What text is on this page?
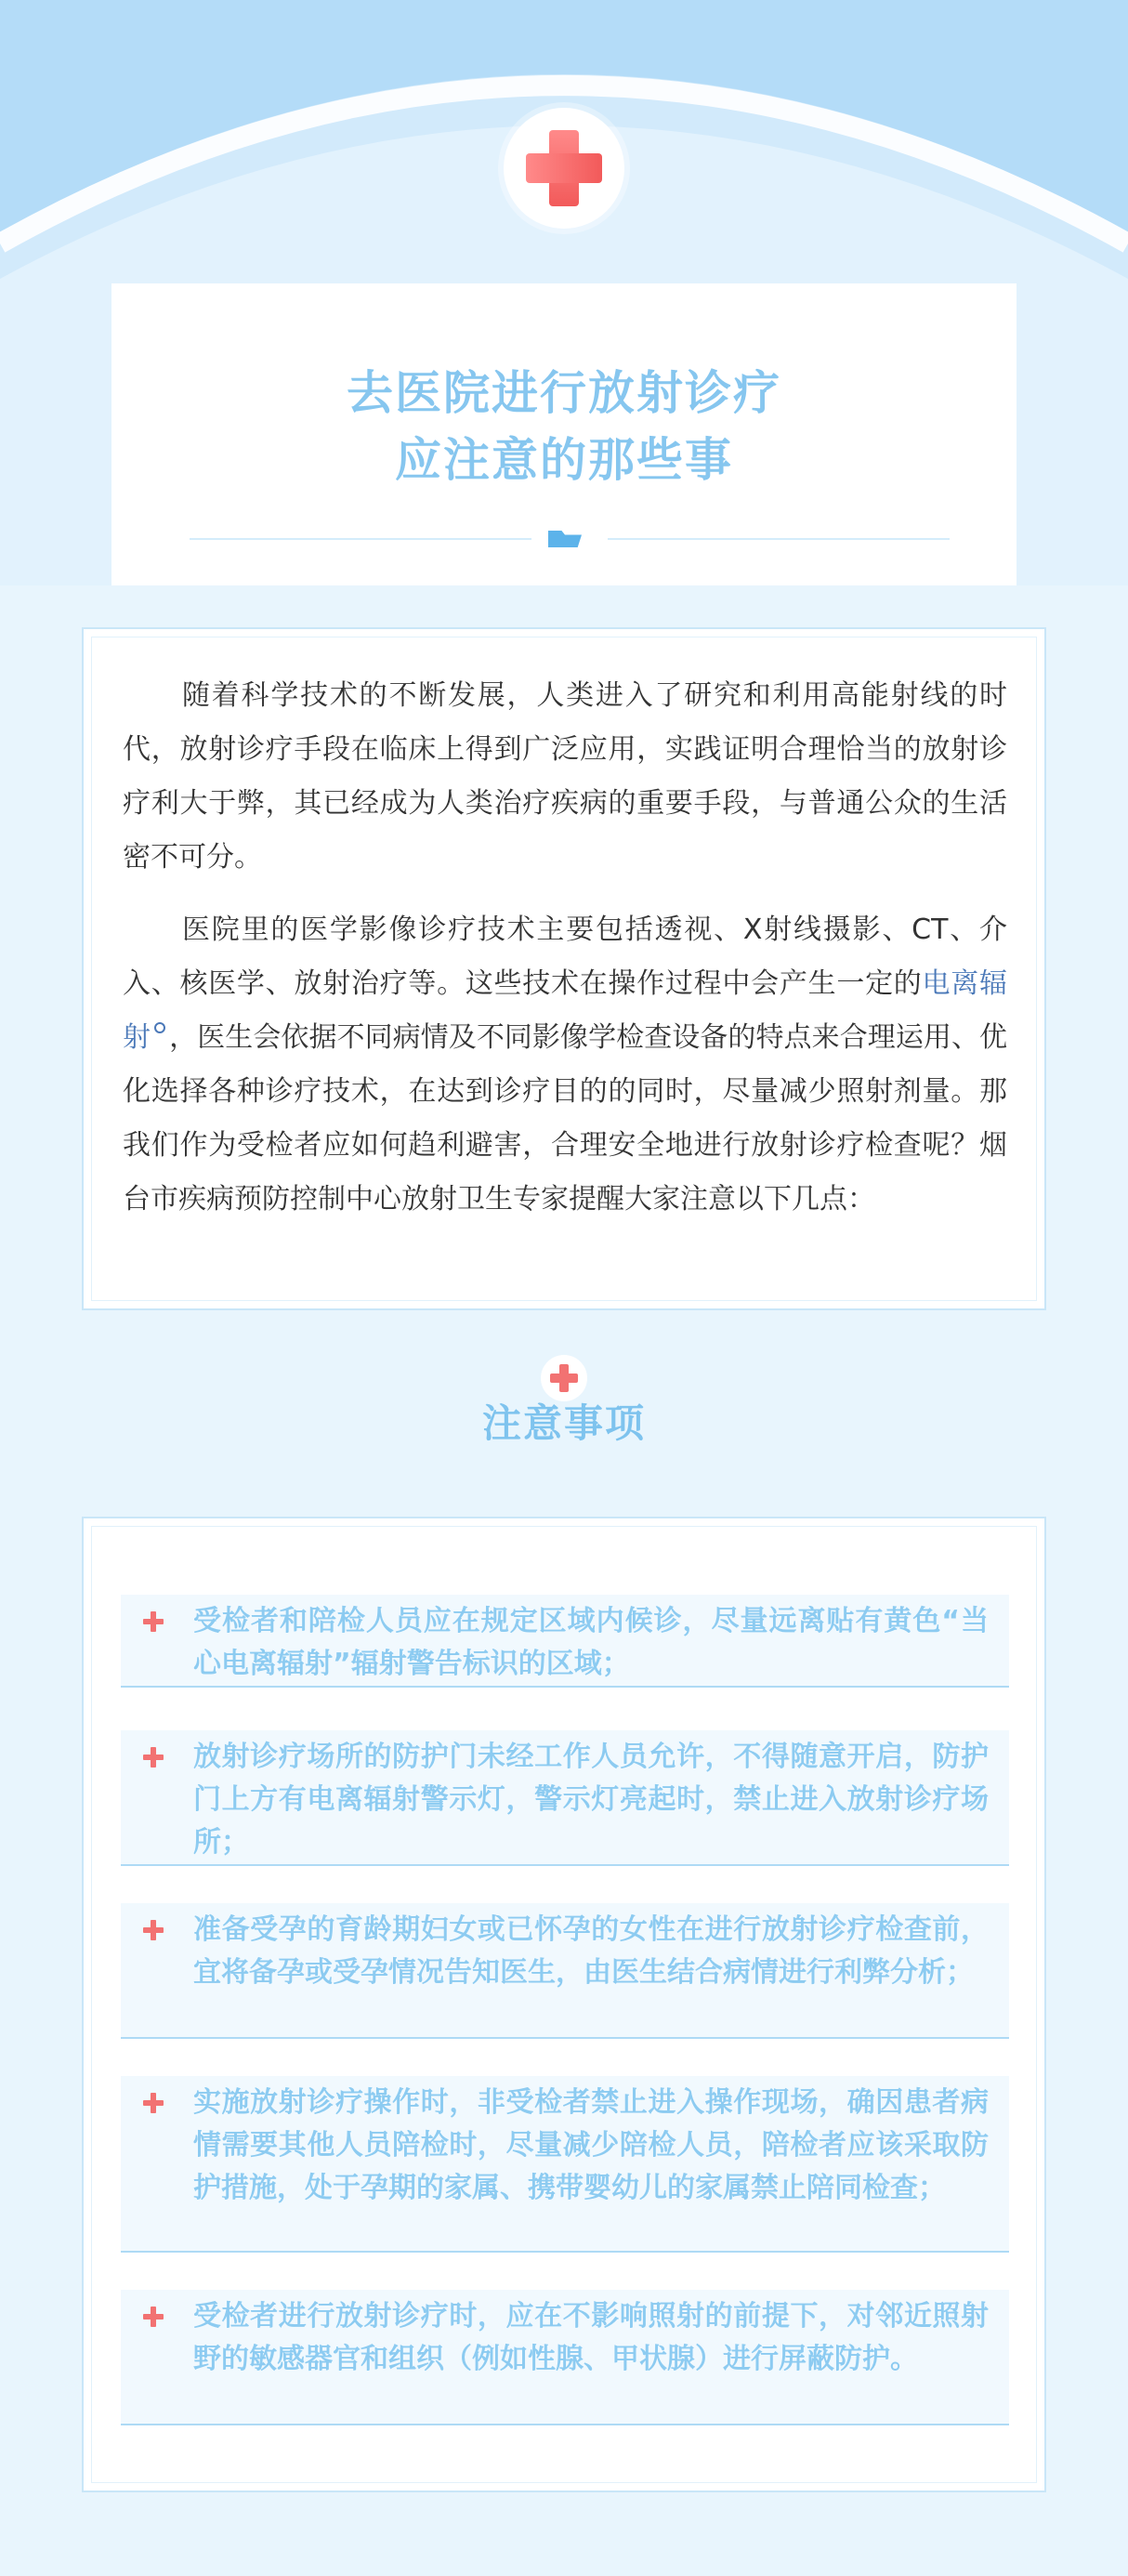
去医院进行放射诊疗
应注意的那些事

随着科学技术的不断发展，人类进入了研究和利用高能射线的时代，放射诊疗手段在临床上得到广泛应用，实践证明合理恰当的放射诊疗利大于弊，其已经成为人类治疗疾病的重要手段，与普通公众的生活密不可分。

医院里的医学影像诊疗技术主要包括透视、X射线摄影、CT、介入、核医学、放射治疗等。这些技术在操作过程中会产生一定的电离辐射 ，医生会依据不同病情及不同影像学检查设备的特点来合理运用、优化选择各种诊疗技术，在达到诊疗目的的同时，尽量减少照射剂量。那我们作为受检者应如何趋利避害，合理安全地进行放射诊疗检查呢？烟台市疾病预防控制中心放射卫生专家提醒大家注意以下几点：

注意事项

受检者和陪检人员应在规定区域内候诊，尽量远离贴有黄色“当心电离辐射”辐射警告标识的区域；

放射诊疗场所的防护门未经工作人员允许，不得随意开启，防护门上方有电离辐射警示灯，警示灯亮起时，禁止进入放射诊疗场所；

准备受孕的育龄期妇女或已怀孕的女性在进行放射诊疗检查前，宜将备孕或受孕情况告知医生，由医生结合病情进行利弊分析；

实施放射诊疗操作时，非受检者禁止进入操作现场，确因患者病情需要其他人员陪检时，尽量减少陪检人员，陪检者应该采取防护措施，处于孕期的家属、携带婴幼儿的家属禁止陪同检查；

受检者进行放射诊疗时，应在不影响照射的前提下，对邻近照射野的敏感器官和组织（例如性腺、甲状腺）进行屏蔽防护。
